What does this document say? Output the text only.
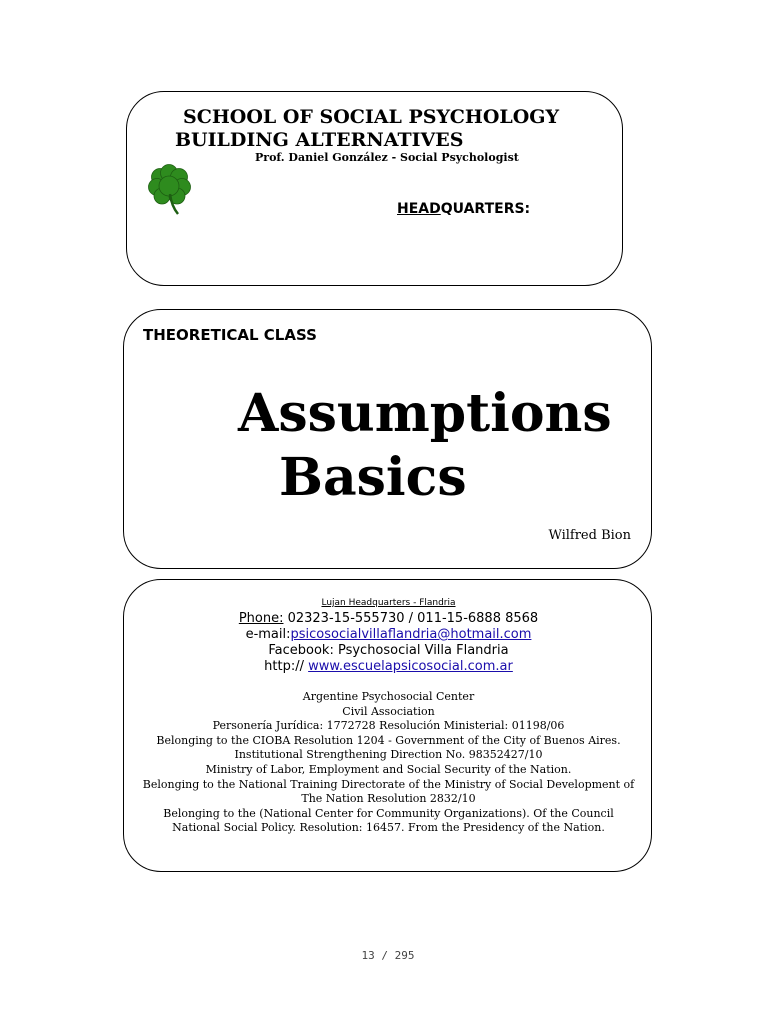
SCHOOL OF SOCIAL PSYCHOLOGY
BUILDING ALTERNATIVES
Prof. Daniel González - Social Psychologist
HEADQUARTERS:
THEORETICAL CLASS
Assumptions
Basics
Wilfred Bion
Lujan Headquarters - Flandria
Phone: 02323-15-555730 / 011-15-6888 8568
e-mail:psicosocialvillaflandria@hotmail.com
Facebook: Psychosocial Villa Flandria
http:// www.escuelapsicosocial.com.ar
Argentine Psychosocial Center
Civil Association
Personería Jurídica: 1772728 Resolución Ministerial: 01198/06
Belonging to the CIOBA Resolution 1204 - Government of the City of Buenos Aires.
Institutional Strengthening Direction No. 98352427/10
Ministry of Labor, Employment and Social Security of the Nation.
Belonging to the National Training Directorate of the Ministry of Social Development of
The Nation Resolution 2832/10
Belonging to the (National Center for Community Organizations). Of the Council
National Social Policy. Resolution: 16457. From the Presidency of the Nation.
13 / 295
